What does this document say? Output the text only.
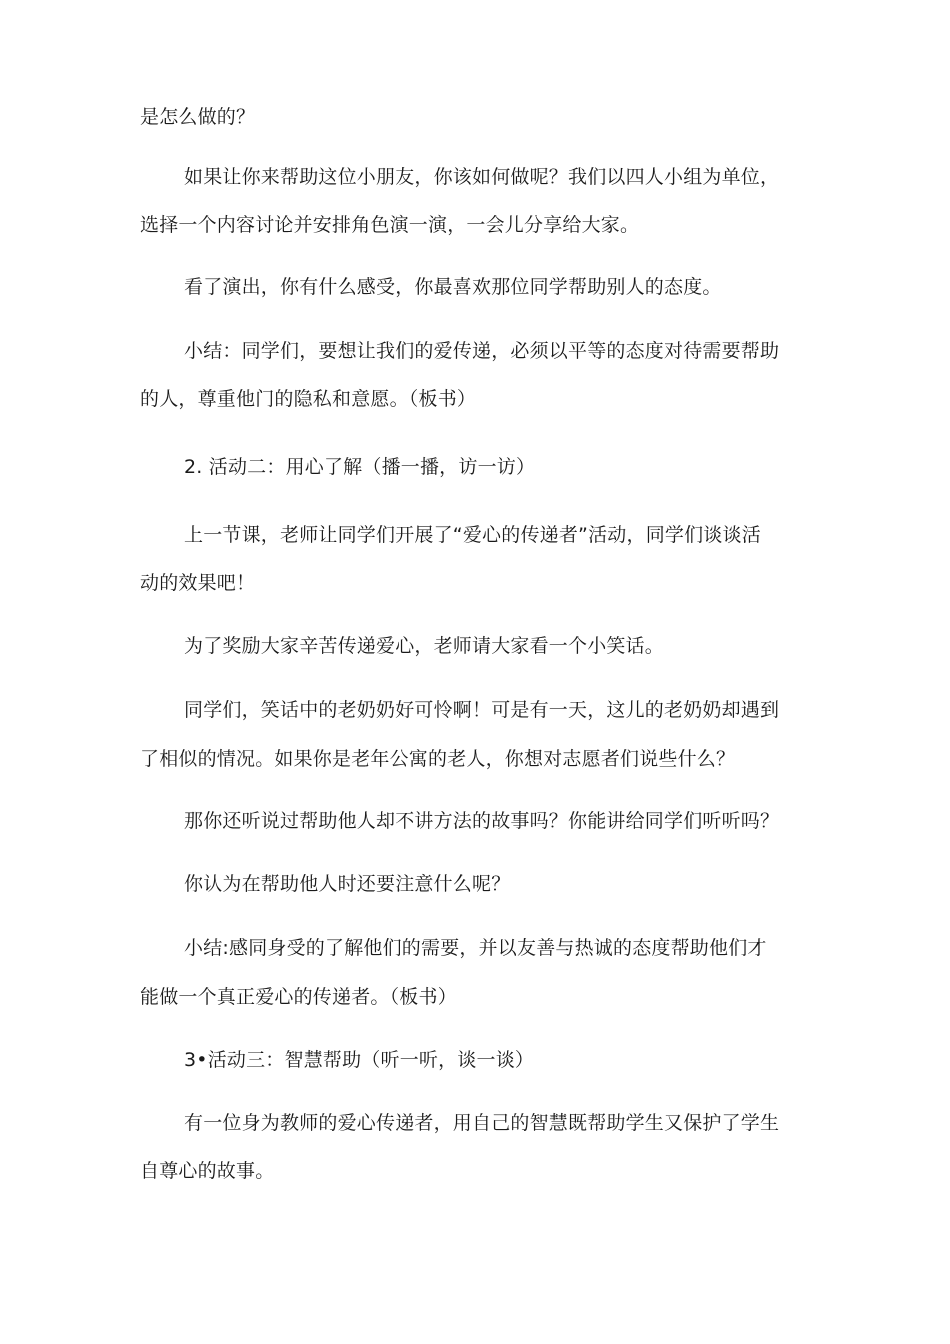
是怎么做的？

如果让你来帮助这位小朋友，你该如何做呢？我们以四人小组为单位，

选择一个内容讨论并安排角色演一演，一会儿分享给大家。

看了演出，你有什么感受，你最喜欢那位同学帮助别人的态度。

小结：同学们，要想让我们的爱传递，必须以平等的态度对待需要帮助

的人，尊重他门的隐私和意愿。（板书）

2. 活动二：用心了解（播一播，访一访）

上一节课，老师让同学们开展了“爱心的传递者”活动，同学们谈谈活

动的效果吧！

为了奖励大家辛苦传递爱心，老师请大家看一个小笑话。

同学们，笑话中的老奶奶好可怜啊！可是有一天，这儿的老奶奶却遇到

了相似的情况。如果你是老年公寓的老人，你想对志愿者们说些什么？

那你还听说过帮助他人却不讲方法的故事吗？你能讲给同学们听听吗？

你认为在帮助他人时还要注意什么呢？

小结:感同身受的了解他们的需要，并以友善与热诚的态度帮助他们才

能做一个真正爱心的传递者。（板书）

3•活动三：智慧帮助（听一听，谈一谈）

有一位身为教师的爱心传递者，用自己的智慧既帮助学生又保护了学生

自尊心的故事。
